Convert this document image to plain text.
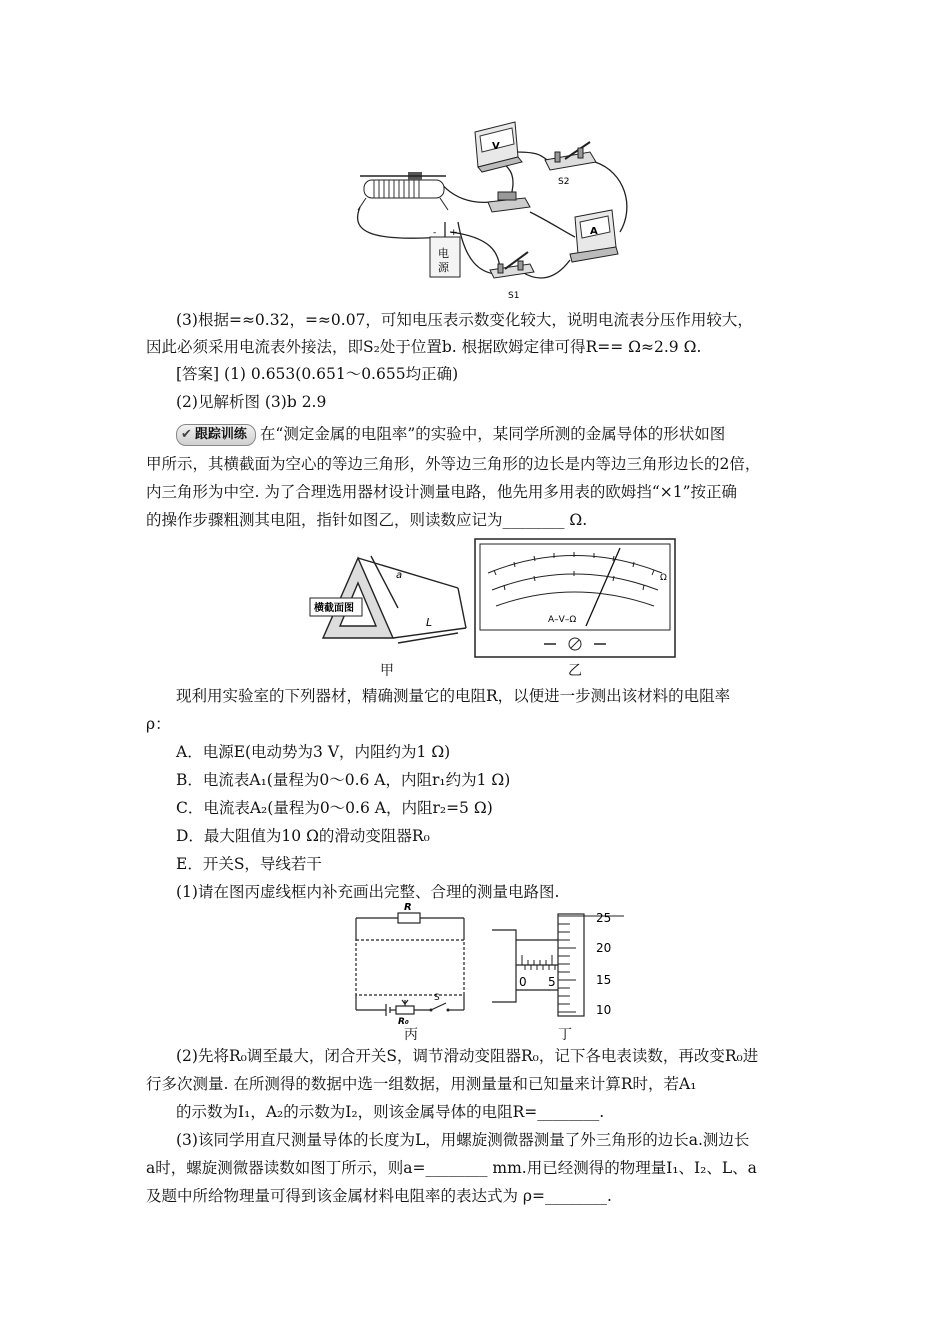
V
S2
A
- +
电
源
S1
(3)根据=≈0.32，=≈0.07，可知电压表示数变化较大，说明电流表分压作用较大，
因此必须采用电流表外接法，即S₂处于位置b. 根据欧姆定律可得R== Ω≈2.9 Ω.
[答案] (1) 0.653(0.651～0.655均正确)
(2)见解析图 (3)b 2.9
✔ 跟踪训练 在“测定金属的电阻率”的实验中，某同学所测的金属导体的形状如图
甲所示，其横截面为空心的等边三角形，外等边三角形的边长是内等边三角形边长的2倍，
内三角形为中空. 为了合理选用器材设计测量电路，他先用多用表的欧姆挡“×1”按正确
的操作步骤粗测其电阻，指针如图乙，则读数应记为________ Ω.
a
L
横截面图
A–V–Ω
Ω
甲	乙
现利用实验室的下列器材，精确测量它的电阻R，以便进一步测出该材料的电阻率
ρ：
A．电源E(电动势为3 V，内阻约为1 Ω)
B．电流表A₁(量程为0～0.6 A，内阻r₁约为1 Ω)
C．电流表A₂(量程为0～0.6 A，内阻r₂=5 Ω)
D．最大阻值为10 Ω的滑动变阻器R₀
E．开关S，导线若干
(1)请在图丙虚线框内补充画出完整、合理的测量电路图.
R
R₀
S
0 5
25
20
15
10
丙	丁
(2)先将R₀调至最大，闭合开关S，调节滑动变阻器R₀，记下各电表读数，再改变R₀进
行多次测量. 在所测得的数据中选一组数据，用测量量和已知量来计算R时，若A₁
的示数为I₁，A₂的示数为I₂，则该金属导体的电阻R=________.
(3)该同学用直尺测量导体的长度为L，用螺旋测微器测量了外三角形的边长a.测边长
a时，螺旋测微器读数如图丁所示，则a=________ mm.用已经测得的物理量I₁、I₂、L、a
及题中所给物理量可得到该金属材料电阻率的表达式为 ρ=________.
